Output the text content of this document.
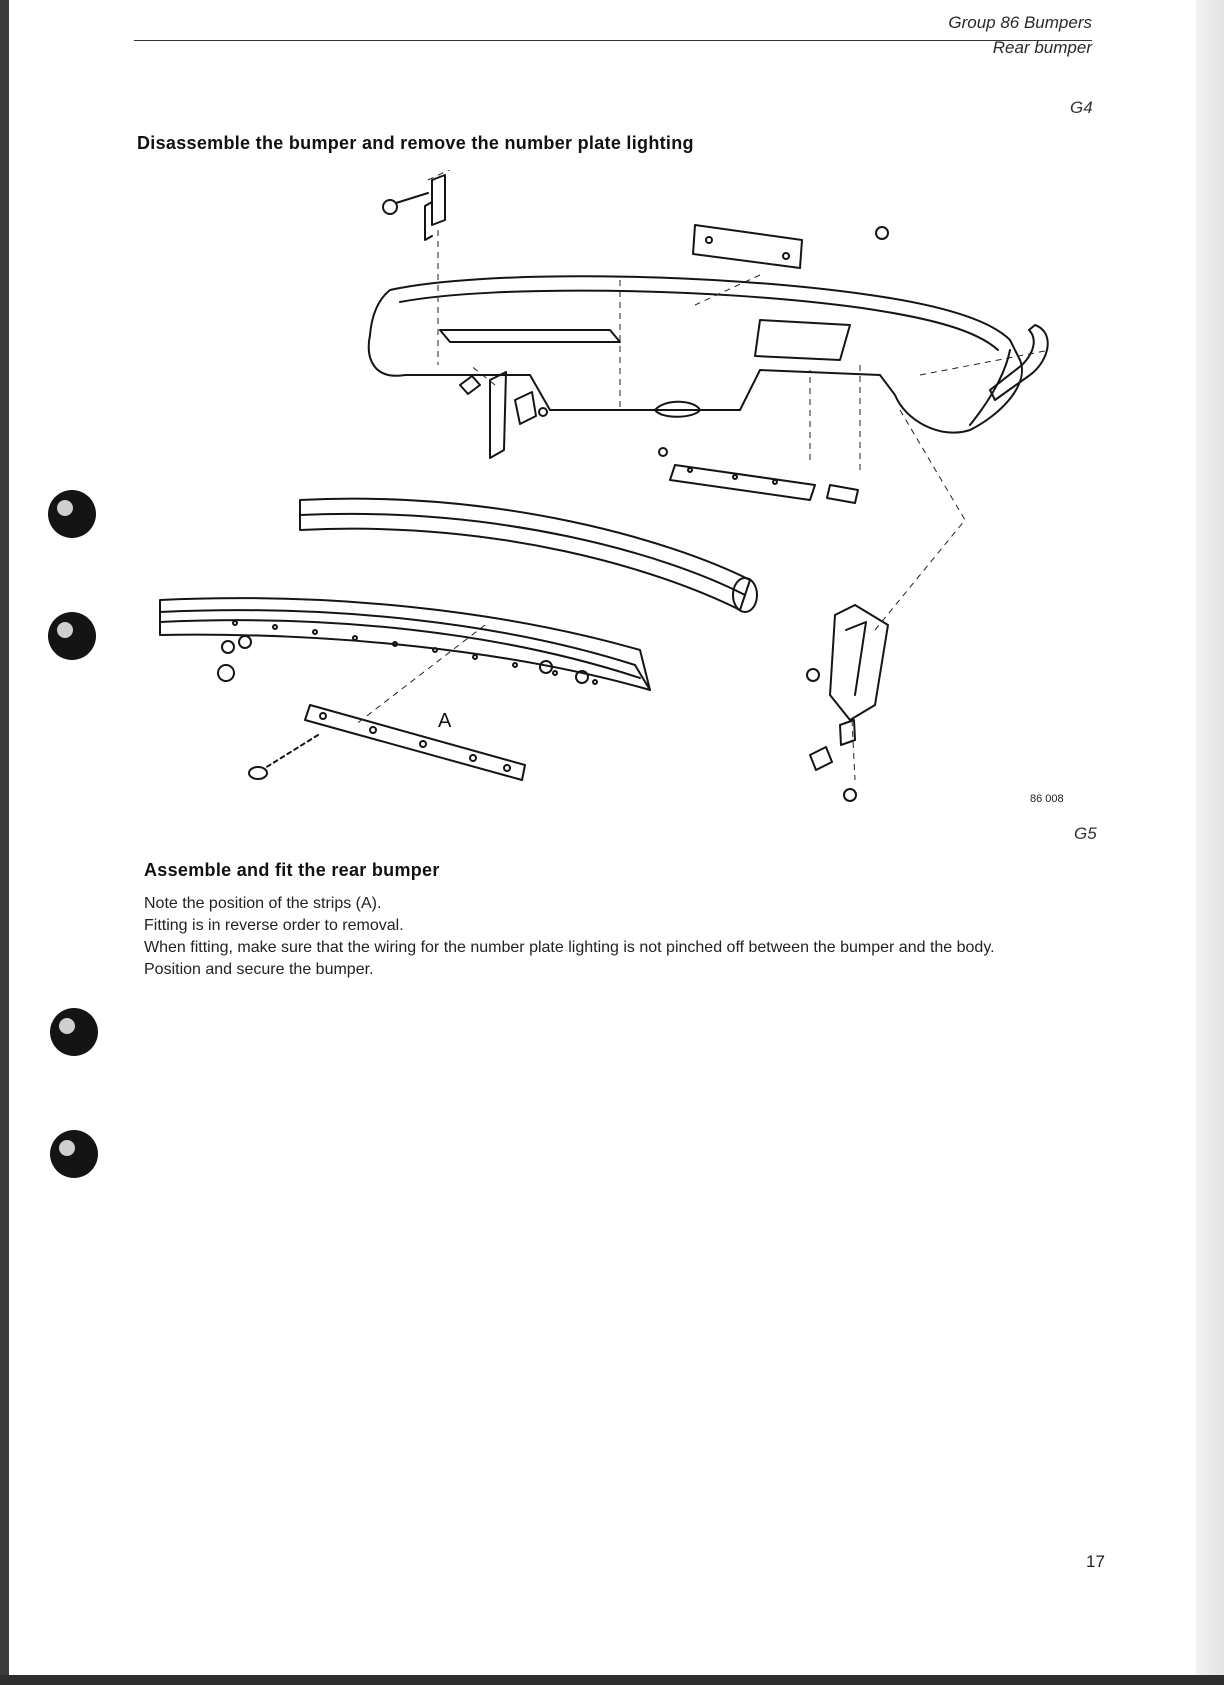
Group 86 Bumpers
Rear bumper
G4
Disassemble the bumper and remove the number plate lighting
A
86 008
G5
Assemble and fit the rear bumper

Note the position of the strips (A).

Fitting is in reverse order to removal.

When fitting, make sure that the wiring for the number plate lighting is not pinched off between the bumper and the body.

Position and secure the bumper.

17
